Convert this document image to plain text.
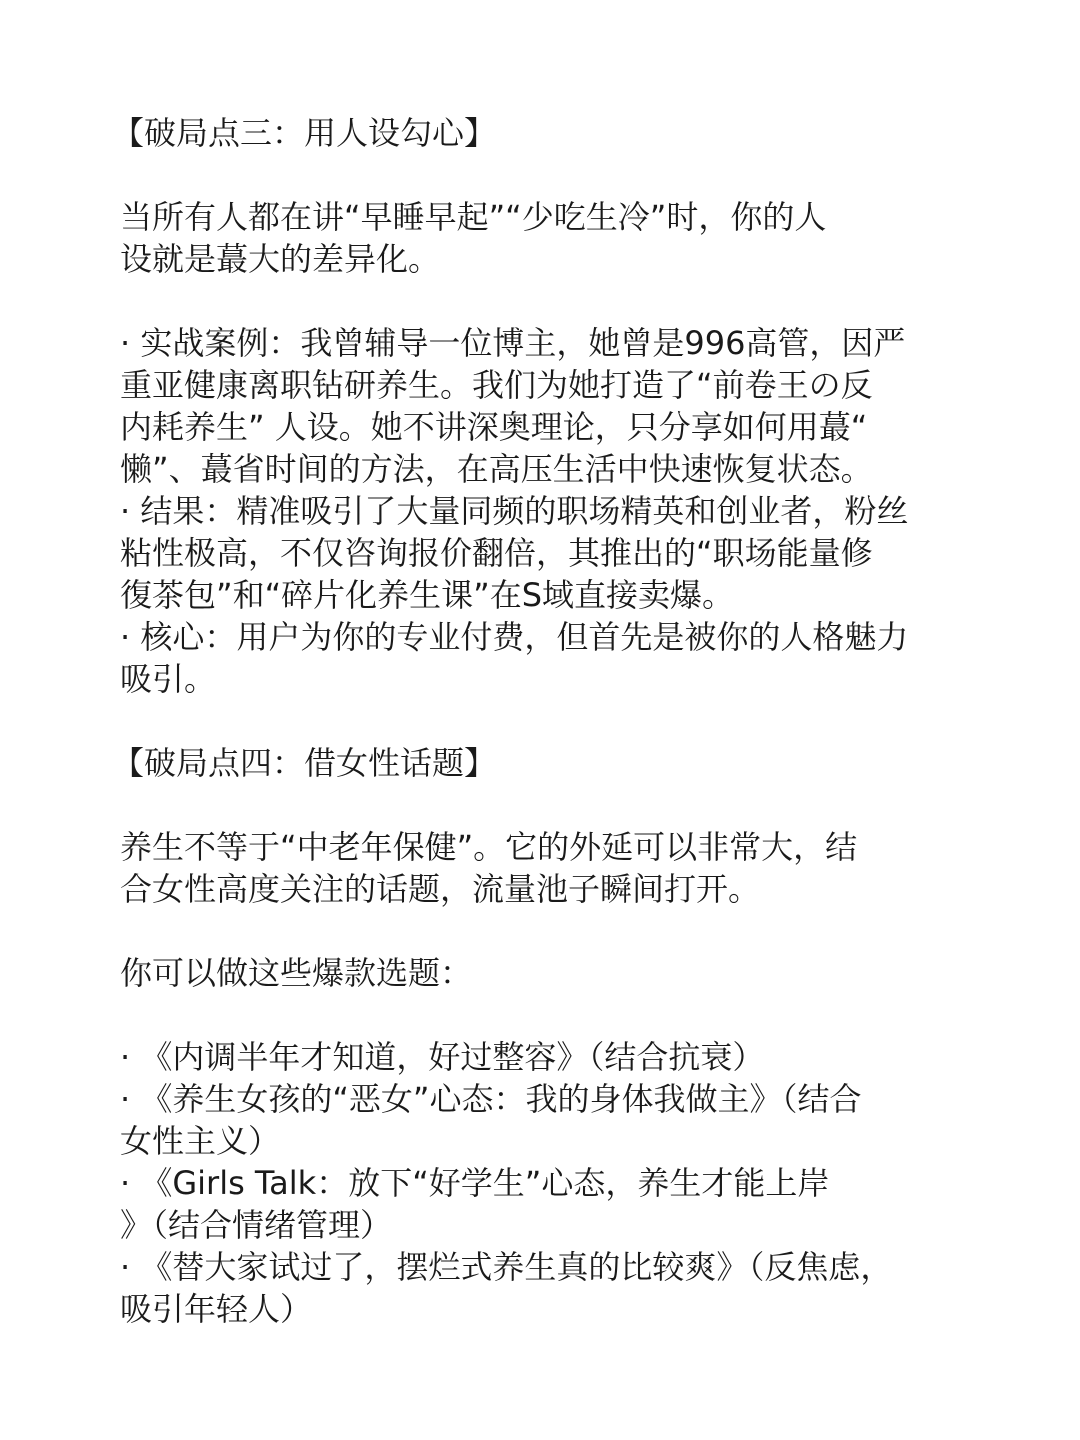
【破局点三：用人设勾心】
当所有人都在讲“早睡早起”“少吃生冷”时，你的人
设就是蕞大的差异化。
· 实战案例：我曾辅导一位博主，她曾是996高管，因严
重亚健康离职钻研养生。我们为她打造了“前卷王の反
内耗养生” 人设。她不讲深奥理论，只分享如何用蕞“
懒”、蕞省时间的方法，在高压生活中快速恢复状态。
· 结果：精准吸引了大量同频的职场精英和创业者，粉丝
粘性极高，不仅咨询报价翻倍，其推出的“职场能量修
復茶包”和“碎片化养生课”在S域直接卖爆。
· 核心：用户为你的专业付费，但首先是被你的人格魅力
吸引。
【破局点四：借女性话题】
养生不等于“中老年保健”。它的外延可以非常大，结
合女性高度关注的话题，流量池子瞬间打开。
你可以做这些爆款选题：
· 《内调半年才知道，好过整容》（结合抗衰）
· 《养生女孩的“恶女”心态：我的身体我做主》（结合
女性主义）
· 《Girls Talk：放下“好学生”心态，养生才能上岸
》（结合情绪管理）
· 《替大家试过了，摆烂式养生真的比较爽》（反焦虑，
吸引年轻人）
